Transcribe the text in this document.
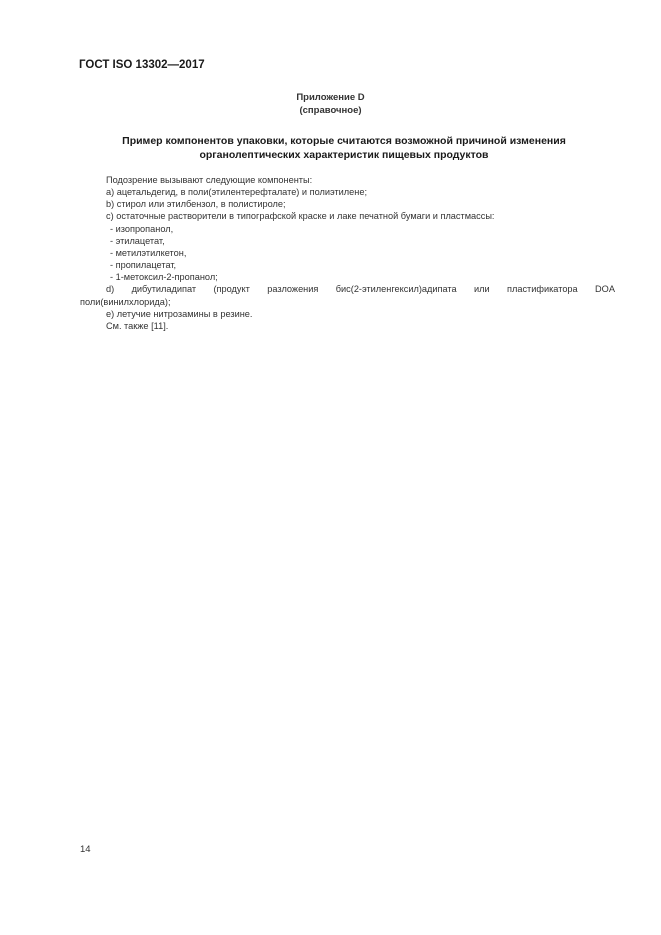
ГОСТ ISO 13302—2017
Приложение D
(справочное)
Пример компонентов упаковки, которые считаются возможной причиной изменения
органолептических характеристик пищевых продуктов
Подозрение вызывают следующие компоненты:
a) ацетальдегид, в поли(этилентерефталате) и полиэтилене;
b) стирол или этилбензол, в полистироле;
c) остаточные растворители в типографской краске и лаке печатной бумаги и пластмассы:
- изопропанол,
- этилацетат,
- метилэтилкетон,
- пропилацетат,
- 1-метоксил-2-пропанол;
d) дибутиладипат (продукт разложения бис(2-этиленгексил)адипата или пластификатора DOA
поли(винилхлорида);
e) летучие нитрозамины в резине.
См. также [11].
14
